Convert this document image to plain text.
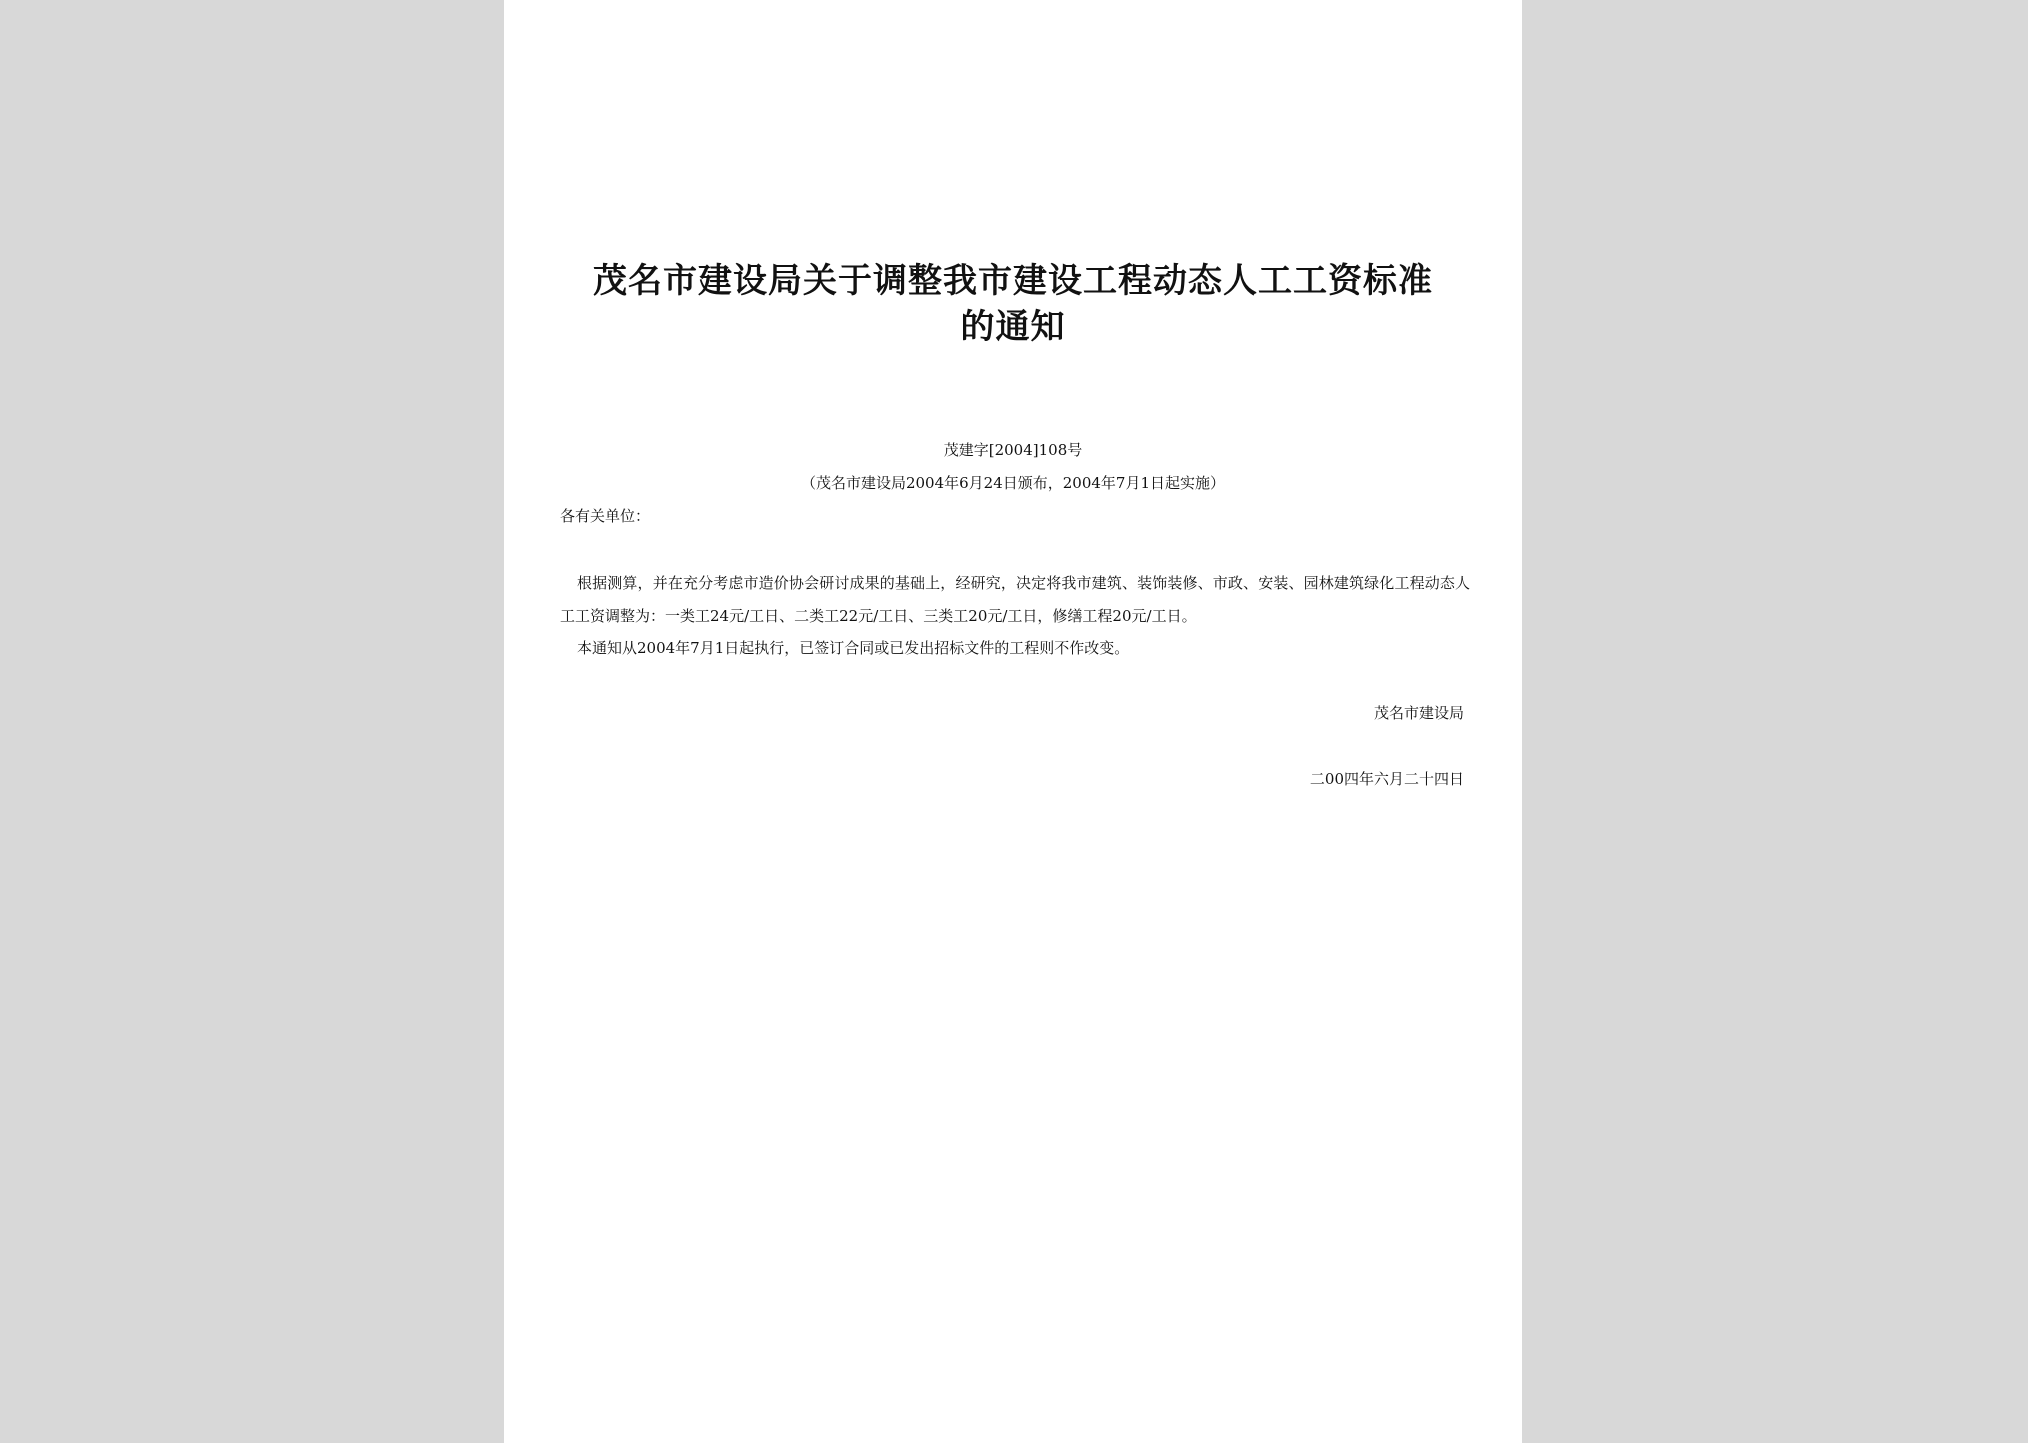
茂名市建设局关于调整我市建设工程动态人工工资标准
的通知
茂建字[2004]108号
（茂名市建设局2004年6月24日颁布，2004年7月1日起实施）
各有关单位：
根据测算，并在充分考虑市造价协会研讨成果的基础上，经研究，决定将我市建筑、装饰装修、市政、安装、园林建筑绿化工程动态人工工资调整为：一类工24元/工日、二类工22元/工日、三类工20元/工日，修缮工程20元/工日。
本通知从2004年7月1日起执行，已签订合同或已发出招标文件的工程则不作改变。
茂名市建设局
二00四年六月二十四日
